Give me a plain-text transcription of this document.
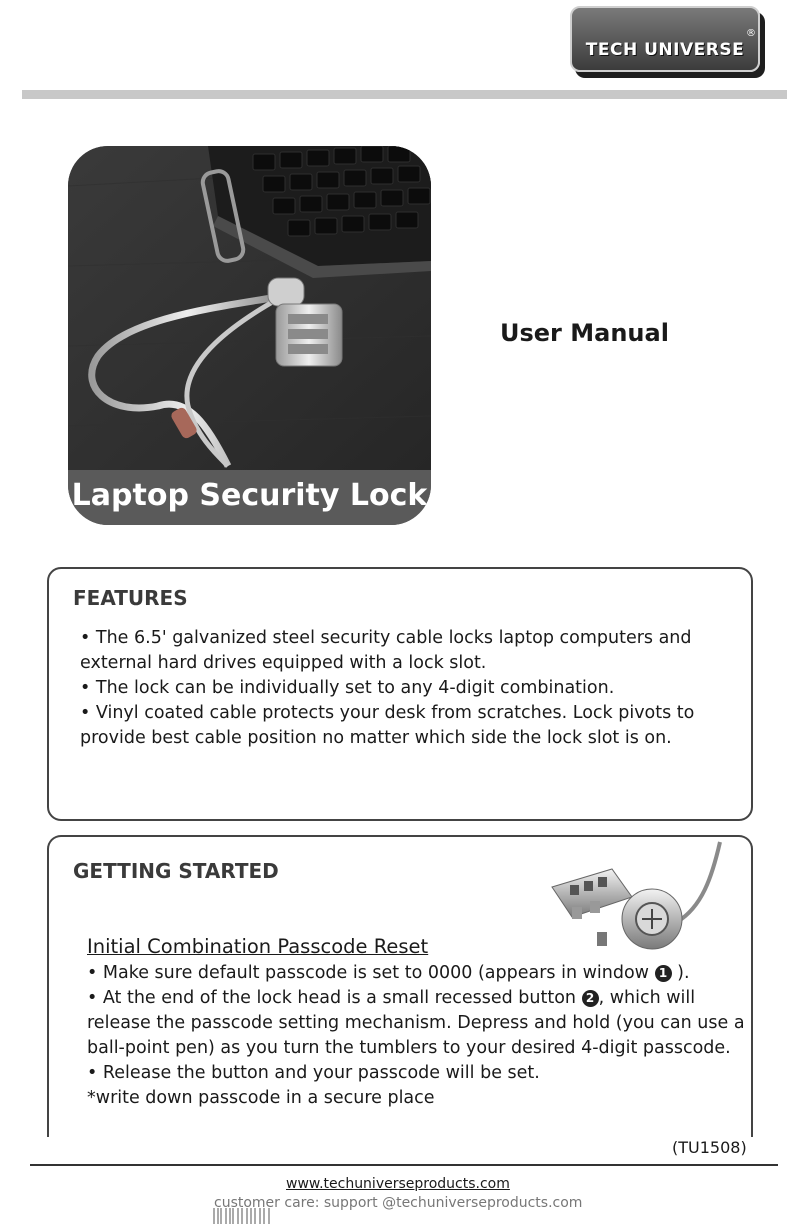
TECH UNIVERSE
®
Laptop Security Lock
User Manual
FEATURES

• The 6.5' galvanized steel security cable locks laptop computers and external hard drives equipped with a lock slot.

• The lock can be individually set to any 4-digit combination.

• Vinyl coated cable protects your desk from scratches. Lock pivots to provide best cable position no matter which side the lock slot is on.

GETTING STARTED

Initial Combination Passcode Reset

• Make sure default passcode is set to 0000 (appears in window 1 ).

• At the end of the lock head is a small recessed button 2 , which will release the passcode setting mechanism. Depress and hold (you can use a ball-point pen) as you turn the tumblers to your desired 4-digit passcode.

• Release the button and your passcode will be set.

*write down passcode in a secure place

(TU1508)
www.techuniverseproducts.com
customer care: support @techuniverseproducts.com
